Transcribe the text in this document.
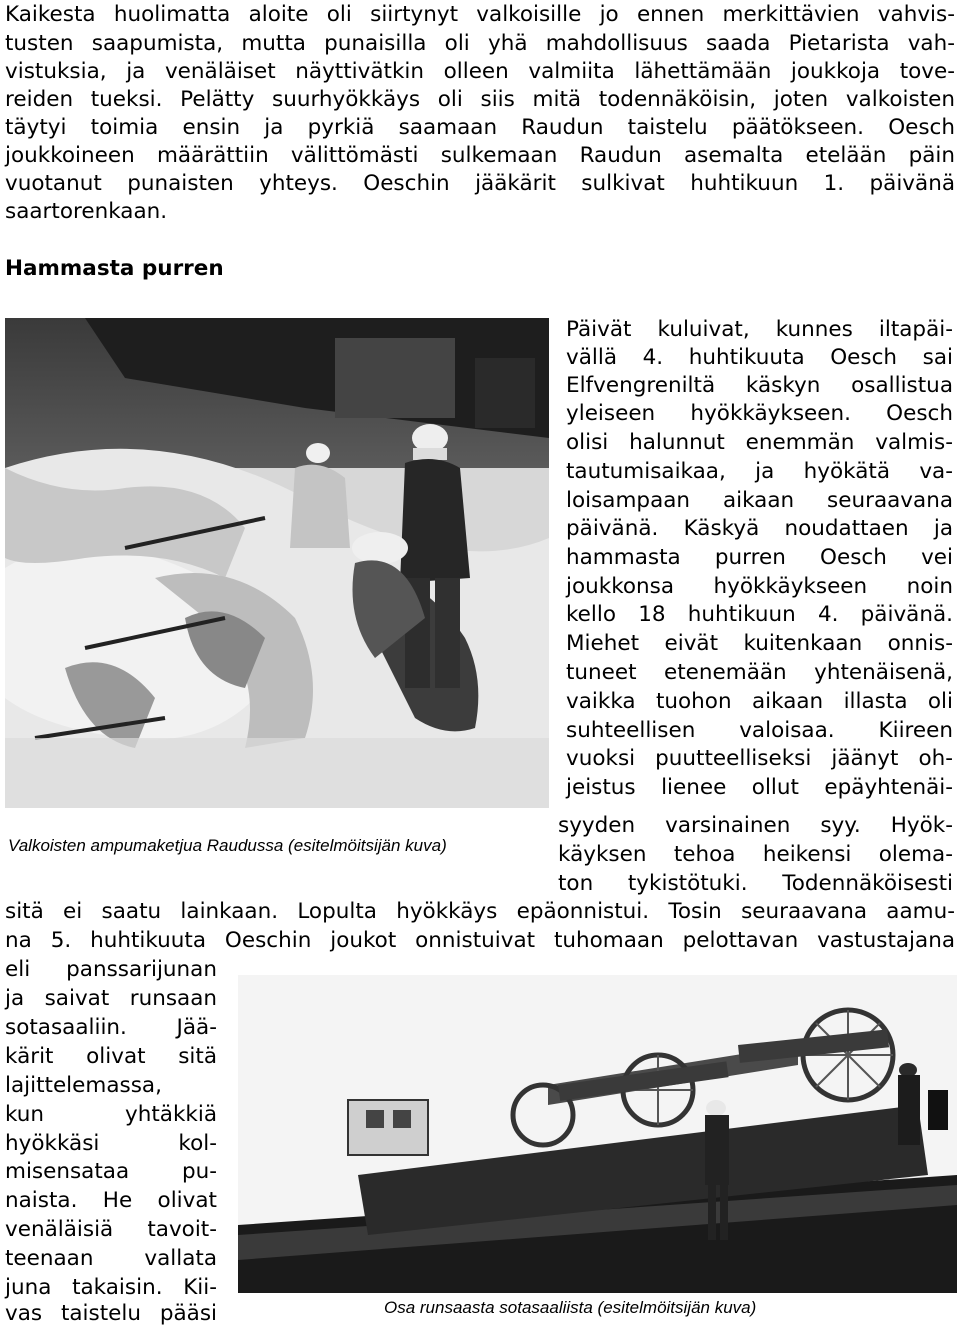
Kaikesta huolimatta aloite oli siirtynyt valkoisille jo ennen merkittävien vahvis-
tusten saapumista, mutta punaisilla oli yhä mahdollisuus saada Pietarista vah-
vistuksia, ja venäläiset näyttivätkin olleen valmiita lähettämään joukkoja tove-
reiden tueksi. Pelätty suurhyökkäys oli siis mitä todennäköisin, joten valkoisten
täytyi toimia ensin ja pyrkiä saamaan Raudun taistelu päätökseen. Oesch
joukkoineen määrättiin välittömästi sulkemaan Raudun asemalta etelään päin
vuotanut punaisten yhteys. Oeschin jääkärit sulkivat huhtikuun 1. päivänä
saartorenkaan.
Hammasta purren
Valkoisten ampumaketjua Raudussa (esitelmöitsijän kuva)
Päivät kuluivat, kunnes iltapäi-
vällä 4. huhtikuuta Oesch sai
Elfvengreniltä käskyn osallistua
yleiseen hyökkäykseen. Oesch
olisi halunnut enemmän valmis-
tautumisaikaa, ja hyökätä va-
loisampaan aikaan seuraavana
päivänä. Käskyä noudattaen ja
hammasta purren Oesch vei
joukkonsa hyökkäykseen noin
kello 18 huhtikuun 4. päivänä.
Miehet eivät kuitenkaan onnis-
tuneet etenemään yhtenäisenä,
vaikka tuohon aikaan illasta oli
suhteellisen valoisaa. Kiireen
vuoksi puutteelliseksi jäänyt oh-
jeistus lienee ollut epäyhtenäi-
syyden varsinainen syy. Hyök-
käyksen tehoa heikensi olema-
ton tykistötuki. Todennäköisesti
sitä ei saatu lainkaan. Lopulta hyökkäys epäonnistui. Tosin seuraavana aamu-
na 5. huhtikuuta Oeschin joukot onnistuivat tuhomaan pelottavan vastustajana
eli panssarijunan
ja saivat runsaan
sotasaaliin. Jää-
kärit olivat sitä
lajittelemassa,
kun yhtäkkiä
hyökkäsi kol-
misensataa pu-
naista. He olivat
venäläisiä tavoit-
teenaan vallata
juna takaisin. Kii-
vas taistelu pääsi	Osa runsaasta sotasaaliista (esitelmöitsijän kuva)
